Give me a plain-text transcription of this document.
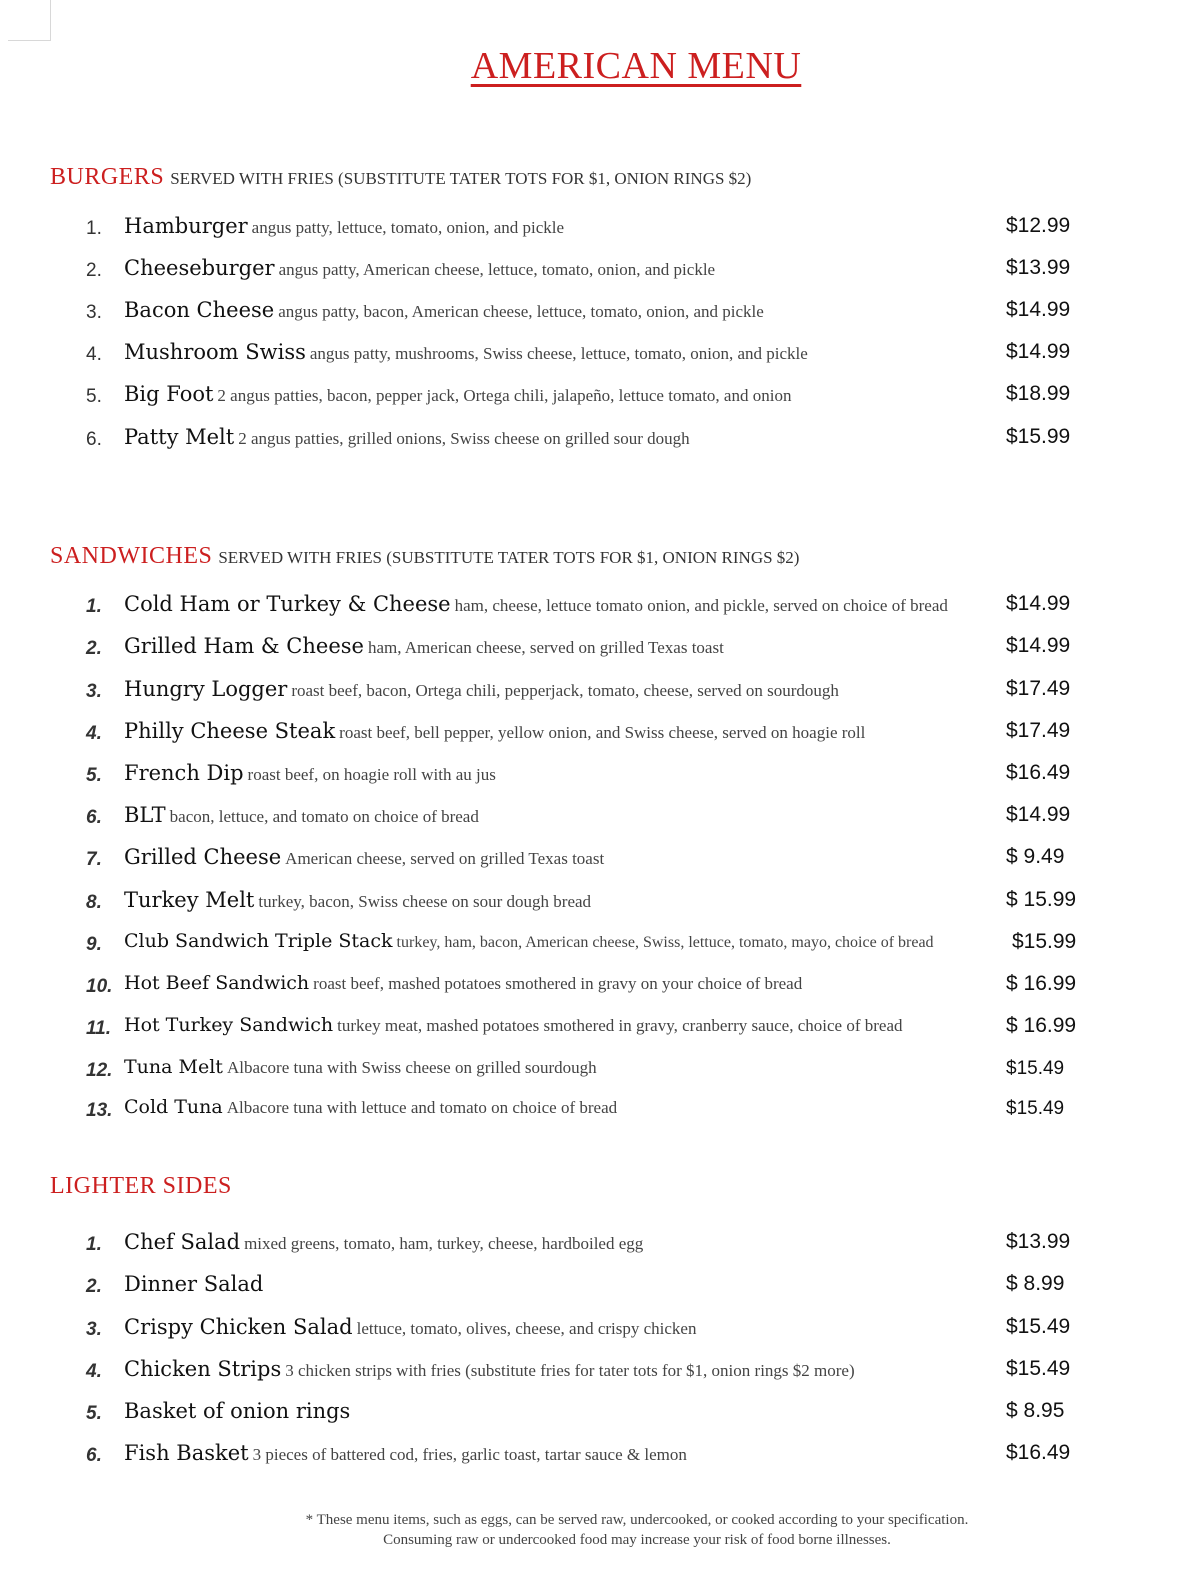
AMERICAN MENU
BURGERS SERVED WITH FRIES (SUBSTITUTE TATER TOTS FOR $1, ONION RINGS $2)
1.	Hamburger angus patty, lettuce, tomato, onion, and pickle	$12.99
2.	Cheeseburger angus patty, American cheese, lettuce, tomato, onion, and pickle	$13.99
3.	Bacon Cheese angus patty, bacon, American cheese, lettuce, tomato, onion, and pickle	$14.99
4.	Mushroom Swiss angus patty, mushrooms, Swiss cheese, lettuce, tomato, onion, and pickle	$14.99
5.	Big Foot 2 angus patties, bacon, pepper jack, Ortega chili, jalapeño, lettuce tomato, and onion	$18.99
6.	Patty Melt 2 angus patties, grilled onions, Swiss cheese on grilled sour dough	$15.99
SANDWICHES SERVED WITH FRIES (SUBSTITUTE TATER TOTS FOR $1, ONION RINGS $2)
1.	Cold Ham or Turkey & Cheese ham, cheese, lettuce tomato onion, and pickle, served on choice of bread	$14.99
2.	Grilled Ham & Cheese ham, American cheese, served on grilled Texas toast	$14.99
3.	Hungry Logger roast beef, bacon, Ortega chili, pepperjack, tomato, cheese, served on sourdough	$17.49
4.	Philly Cheese Steak roast beef, bell pepper, yellow onion, and Swiss cheese, served on hoagie roll	$17.49
5.	French Dip roast beef, on hoagie roll with au jus	$16.49
6.	BLT bacon, lettuce, and tomato on choice of bread	$14.99
7.	Grilled Cheese American cheese, served on grilled Texas toast	$ 9.49
8.	Turkey Melt turkey, bacon, Swiss cheese on sour dough bread	$ 15.99
9.	Club Sandwich Triple Stack turkey, ham, bacon, American cheese, Swiss, lettuce, tomato, mayo, choice of bread	$15.99
10. Hot Beef Sandwich roast beef, mashed potatoes smothered in gravy on your choice of bread	$ 16.99
11. Hot Turkey Sandwich turkey meat, mashed potatoes smothered in gravy, cranberry sauce, choice of bread	$ 16.99
12. Tuna Melt Albacore tuna with Swiss cheese on grilled sourdough	$15.49
13. Cold Tuna Albacore tuna with lettuce and tomato on choice of bread	$15.49
LIGHTER SIDES
1.	Chef Salad mixed greens, tomato, ham, turkey, cheese, hardboiled egg	$13.99
2.	Dinner Salad	$ 8.99
3.	Crispy Chicken Salad lettuce, tomato, olives, cheese, and crispy chicken	$15.49
4.	Chicken Strips 3 chicken strips with fries (substitute fries for tater tots for $1, onion rings $2 more)	$15.49
5.	Basket of onion rings	$ 8.95
6.	Fish Basket 3 pieces of battered cod, fries, garlic toast, tartar sauce & lemon	$16.49
* These menu items, such as eggs, can be served raw, undercooked, or cooked according to your specification.
Consuming raw or undercooked food may increase your risk of food borne illnesses.
